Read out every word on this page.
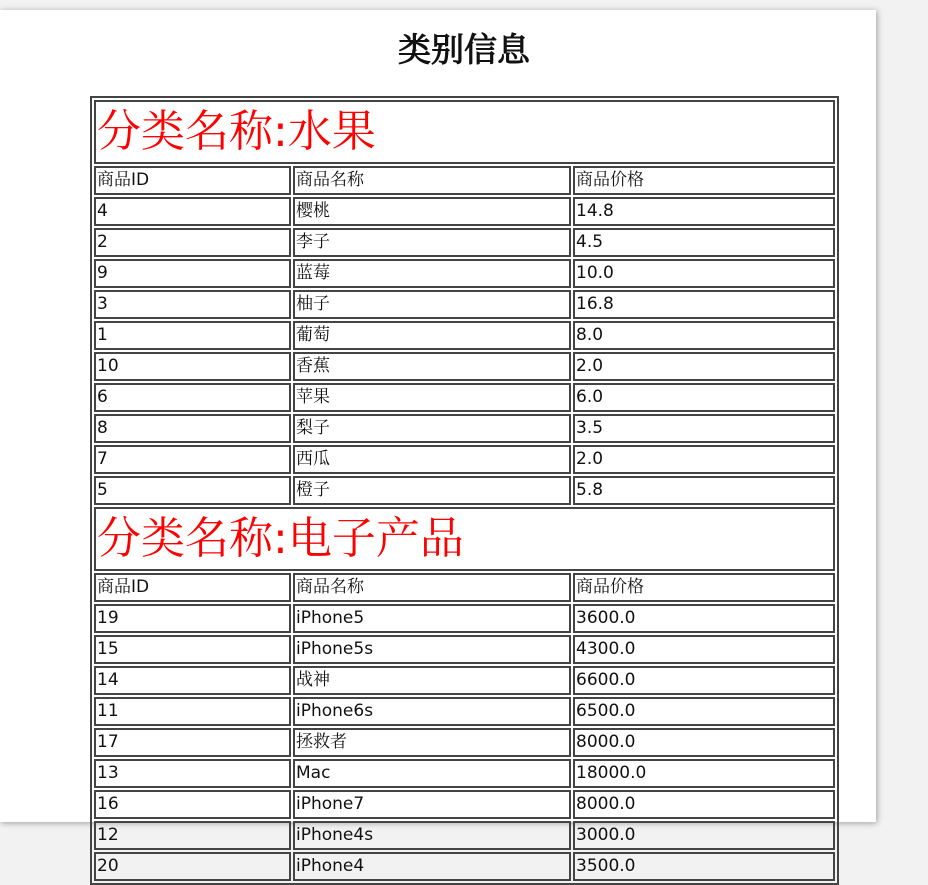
类别信息
分类名称:水果		
商品ID	商品名称	商品价格
4	樱桃	14.8
2	李子	4.5
9	蓝莓	10.0
3	柚子	16.8
1	葡萄	8.0
10	香蕉	2.0
6	苹果	6.0
8	梨子	3.5
7	西瓜	2.0
5	橙子	5.8
分类名称:电子产品		
商品ID	商品名称	商品价格
19	iPhone5	3600.0
15	iPhone5s	4300.0
14	战神	6600.0
11	iPhone6s	6500.0
17	拯救者	8000.0
13	Mac	18000.0
16	iPhone7	8000.0
12	iPhone4s	3000.0
20	iPhone4	3500.0
